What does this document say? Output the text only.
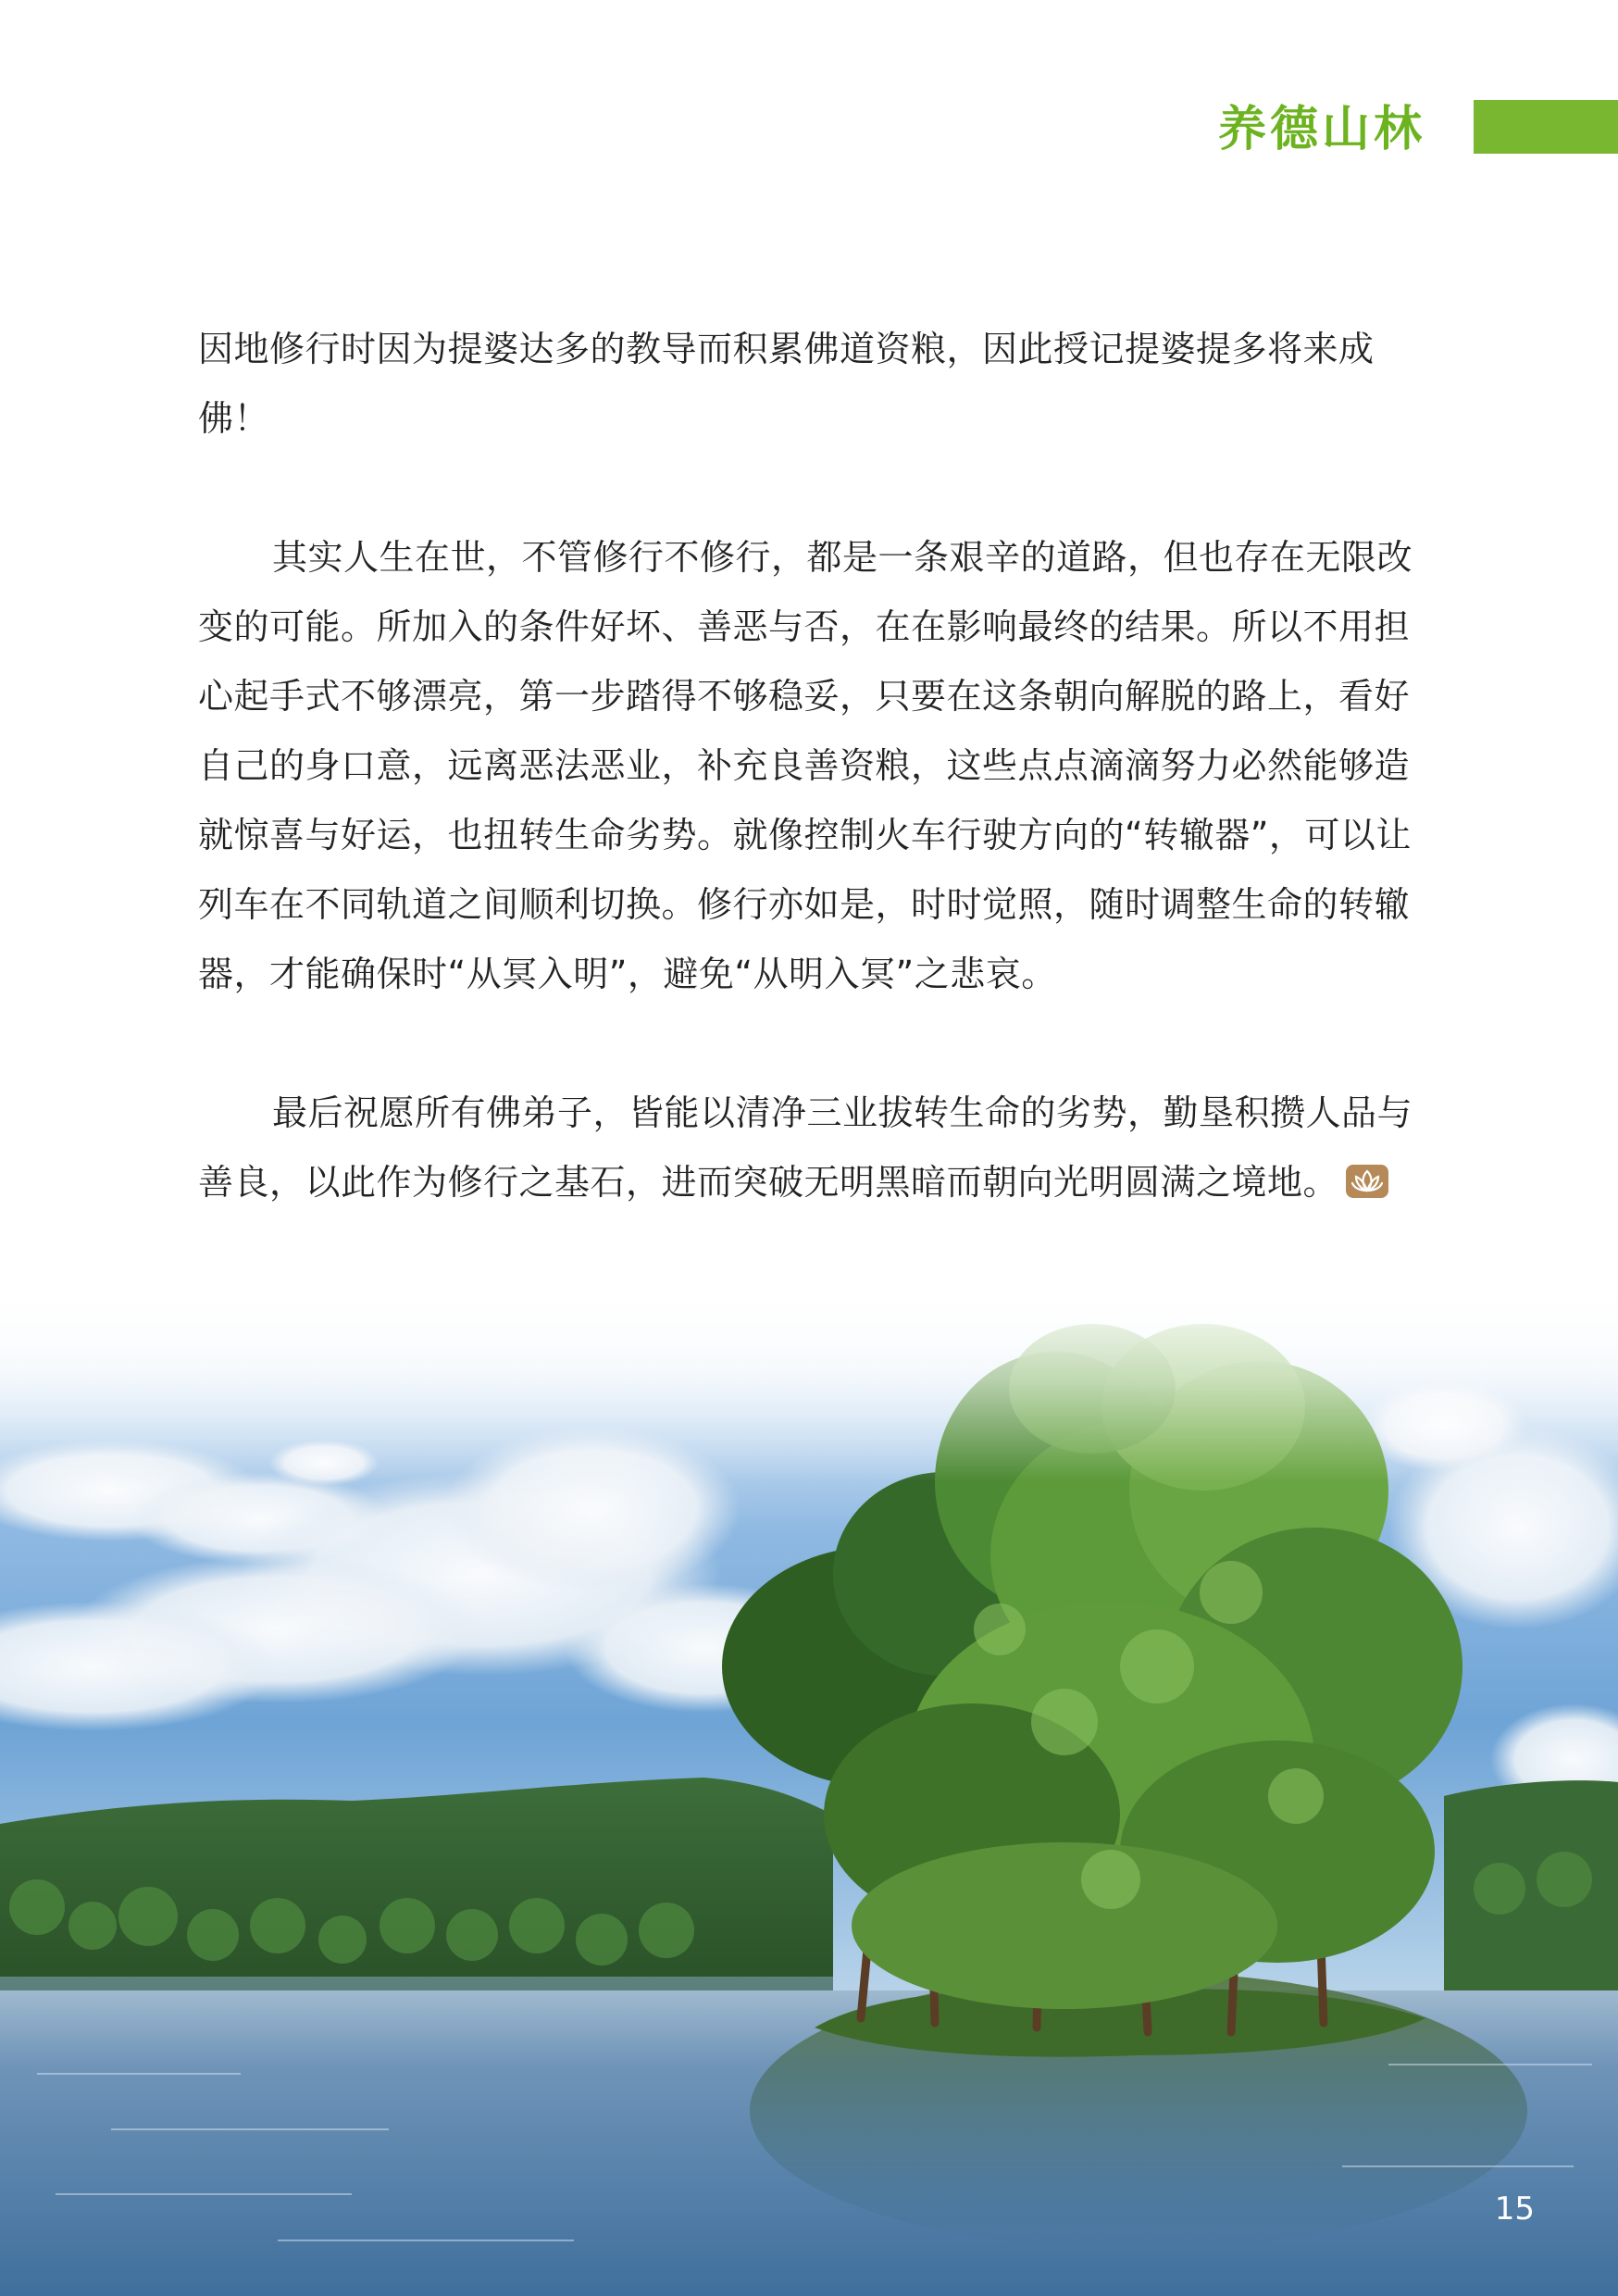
养德山林

因地修行时因为提婆达多的教导而积累佛道资粮，因此授记提婆提多将来成佛！

其实人生在世，不管修行不修行，都是一条艰辛的道路，但也存在无限改变的可能。所加入的条件好坏、善恶与否，在在影响最终的结果。所以不用担心起手式不够漂亮，第一步踏得不够稳妥，只要在这条朝向解脱的路上，看好自己的身口意，远离恶法恶业，补充良善资粮，这些点点滴滴努力必然能够造就惊喜与好运，也扭转生命劣势。就像控制火车行驶方向的“转辙器”，可以让列车在不同轨道之间顺利切换。修行亦如是，时时觉照，随时调整生命的转辙器，才能确保时“从冥入明”，避免“从明入冥”之悲哀。

最后祝愿所有佛弟子，皆能以清净三业拔转生命的劣势，勤垦积攒人品与善良，以此作为修行之基石，进而突破无明黑暗而朝向光明圆满之境地。

15
